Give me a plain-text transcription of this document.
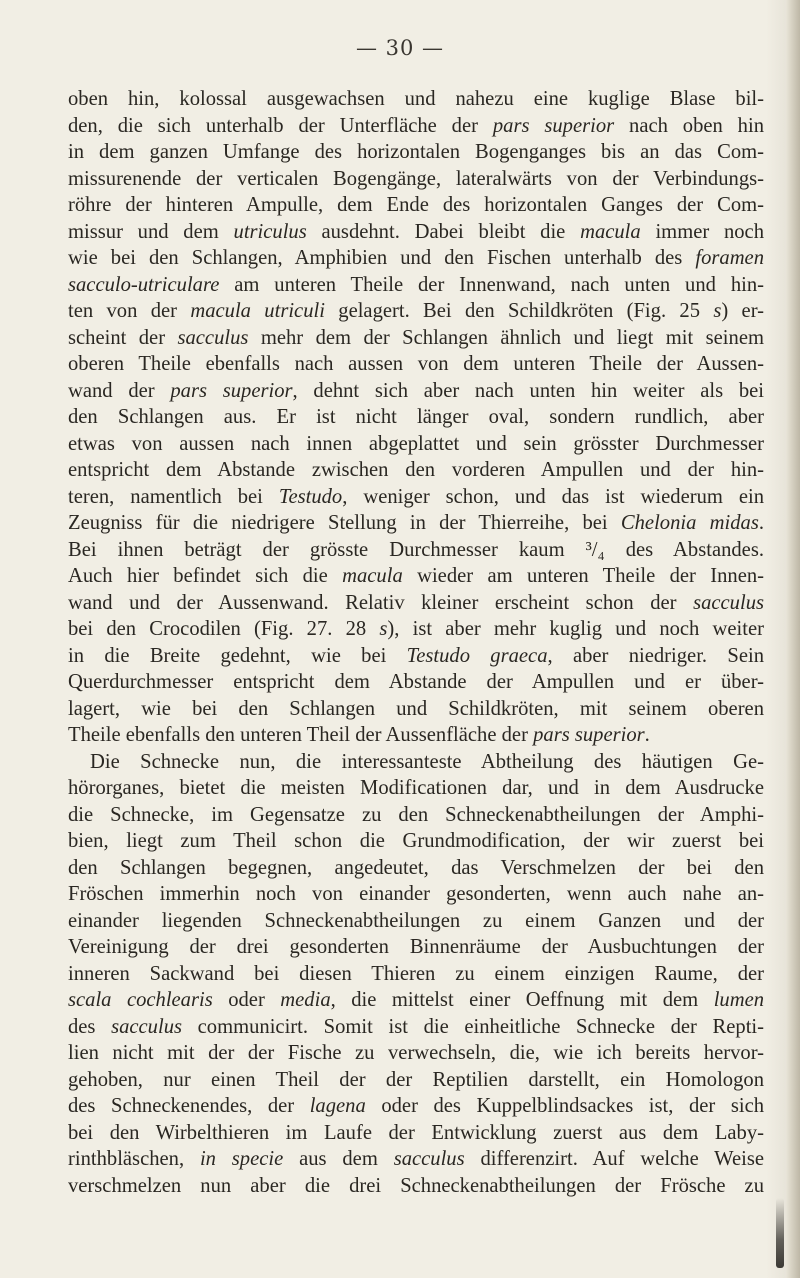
— 30 —
oben hin, kolossal ausgewachsen und nahezu eine kuglige Blase bil-
den, die sich unterhalb der Unterfläche der pars superior nach oben hin
in dem ganzen Umfange des horizontalen Bogenganges bis an das Com-
missurenende der verticalen Bogengänge, lateralwärts von der Verbindungs-
röhre der hinteren Ampulle, dem Ende des horizontalen Ganges der Com-
missur und dem utriculus ausdehnt. Dabei bleibt die macula immer noch
wie bei den Schlangen, Amphibien und den Fischen unterhalb des foramen
sacculo-utriculare am unteren Theile der Innenwand, nach unten und hin-
ten von der macula utriculi gelagert. Bei den Schildkröten (Fig. 25 s) er-
scheint der sacculus mehr dem der Schlangen ähnlich und liegt mit seinem
oberen Theile ebenfalls nach aussen von dem unteren Theile der Aussen-
wand der pars superior, dehnt sich aber nach unten hin weiter als bei
den Schlangen aus. Er ist nicht länger oval, sondern rundlich, aber
etwas von aussen nach innen abgeplattet und sein grösster Durchmesser
entspricht dem Abstande zwischen den vorderen Ampullen und der hin-
teren, namentlich bei Testudo, weniger schon, und das ist wiederum ein
Zeugniss für die niedrigere Stellung in der Thierreihe, bei Chelonia midas.
Bei ihnen beträgt der grösste Durchmesser kaum ³/₄ des Abstandes.
Auch hier befindet sich die macula wieder am unteren Theile der Innen-
wand und der Aussenwand. Relativ kleiner erscheint schon der sacculus
bei den Crocodilen (Fig. 27. 28 s), ist aber mehr kuglig und noch weiter
in die Breite gedehnt, wie bei Testudo graeca, aber niedriger. Sein
Querdurchmesser entspricht dem Abstande der Ampullen und er über-
lagert, wie bei den Schlangen und Schildkröten, mit seinem oberen
Theile ebenfalls den unteren Theil der Aussenfläche der pars superior.
Die Schnecke nun, die interessanteste Abtheilung des häutigen Ge-
hörorganes, bietet die meisten Modificationen dar, und in dem Ausdrucke
die Schnecke, im Gegensatze zu den Schneckenabtheilungen der Amphi-
bien, liegt zum Theil schon die Grundmodification, der wir zuerst bei
den Schlangen begegnen, angedeutet, das Verschmelzen der bei den
Fröschen immerhin noch von einander gesonderten, wenn auch nahe an-
einander liegenden Schneckenabtheilungen zu einem Ganzen und der
Vereinigung der drei gesonderten Binnenräume der Ausbuchtungen der
inneren Sackwand bei diesen Thieren zu einem einzigen Raume, der
scala cochlearis oder media, die mittelst einer Oeffnung mit dem lumen
des sacculus communicirt. Somit ist die einheitliche Schnecke der Repti-
lien nicht mit der der Fische zu verwechseln, die, wie ich bereits hervor-
gehoben, nur einen Theil der der Reptilien darstellt, ein Homologon
des Schneckenendes, der lagena oder des Kuppelblindsackes ist, der sich
bei den Wirbelthieren im Laufe der Entwicklung zuerst aus dem Laby-
rinthbläschen, in specie aus dem sacculus differenzirt. Auf welche Weise
verschmelzen nun aber die drei Schneckenabtheilungen der Frösche zu
